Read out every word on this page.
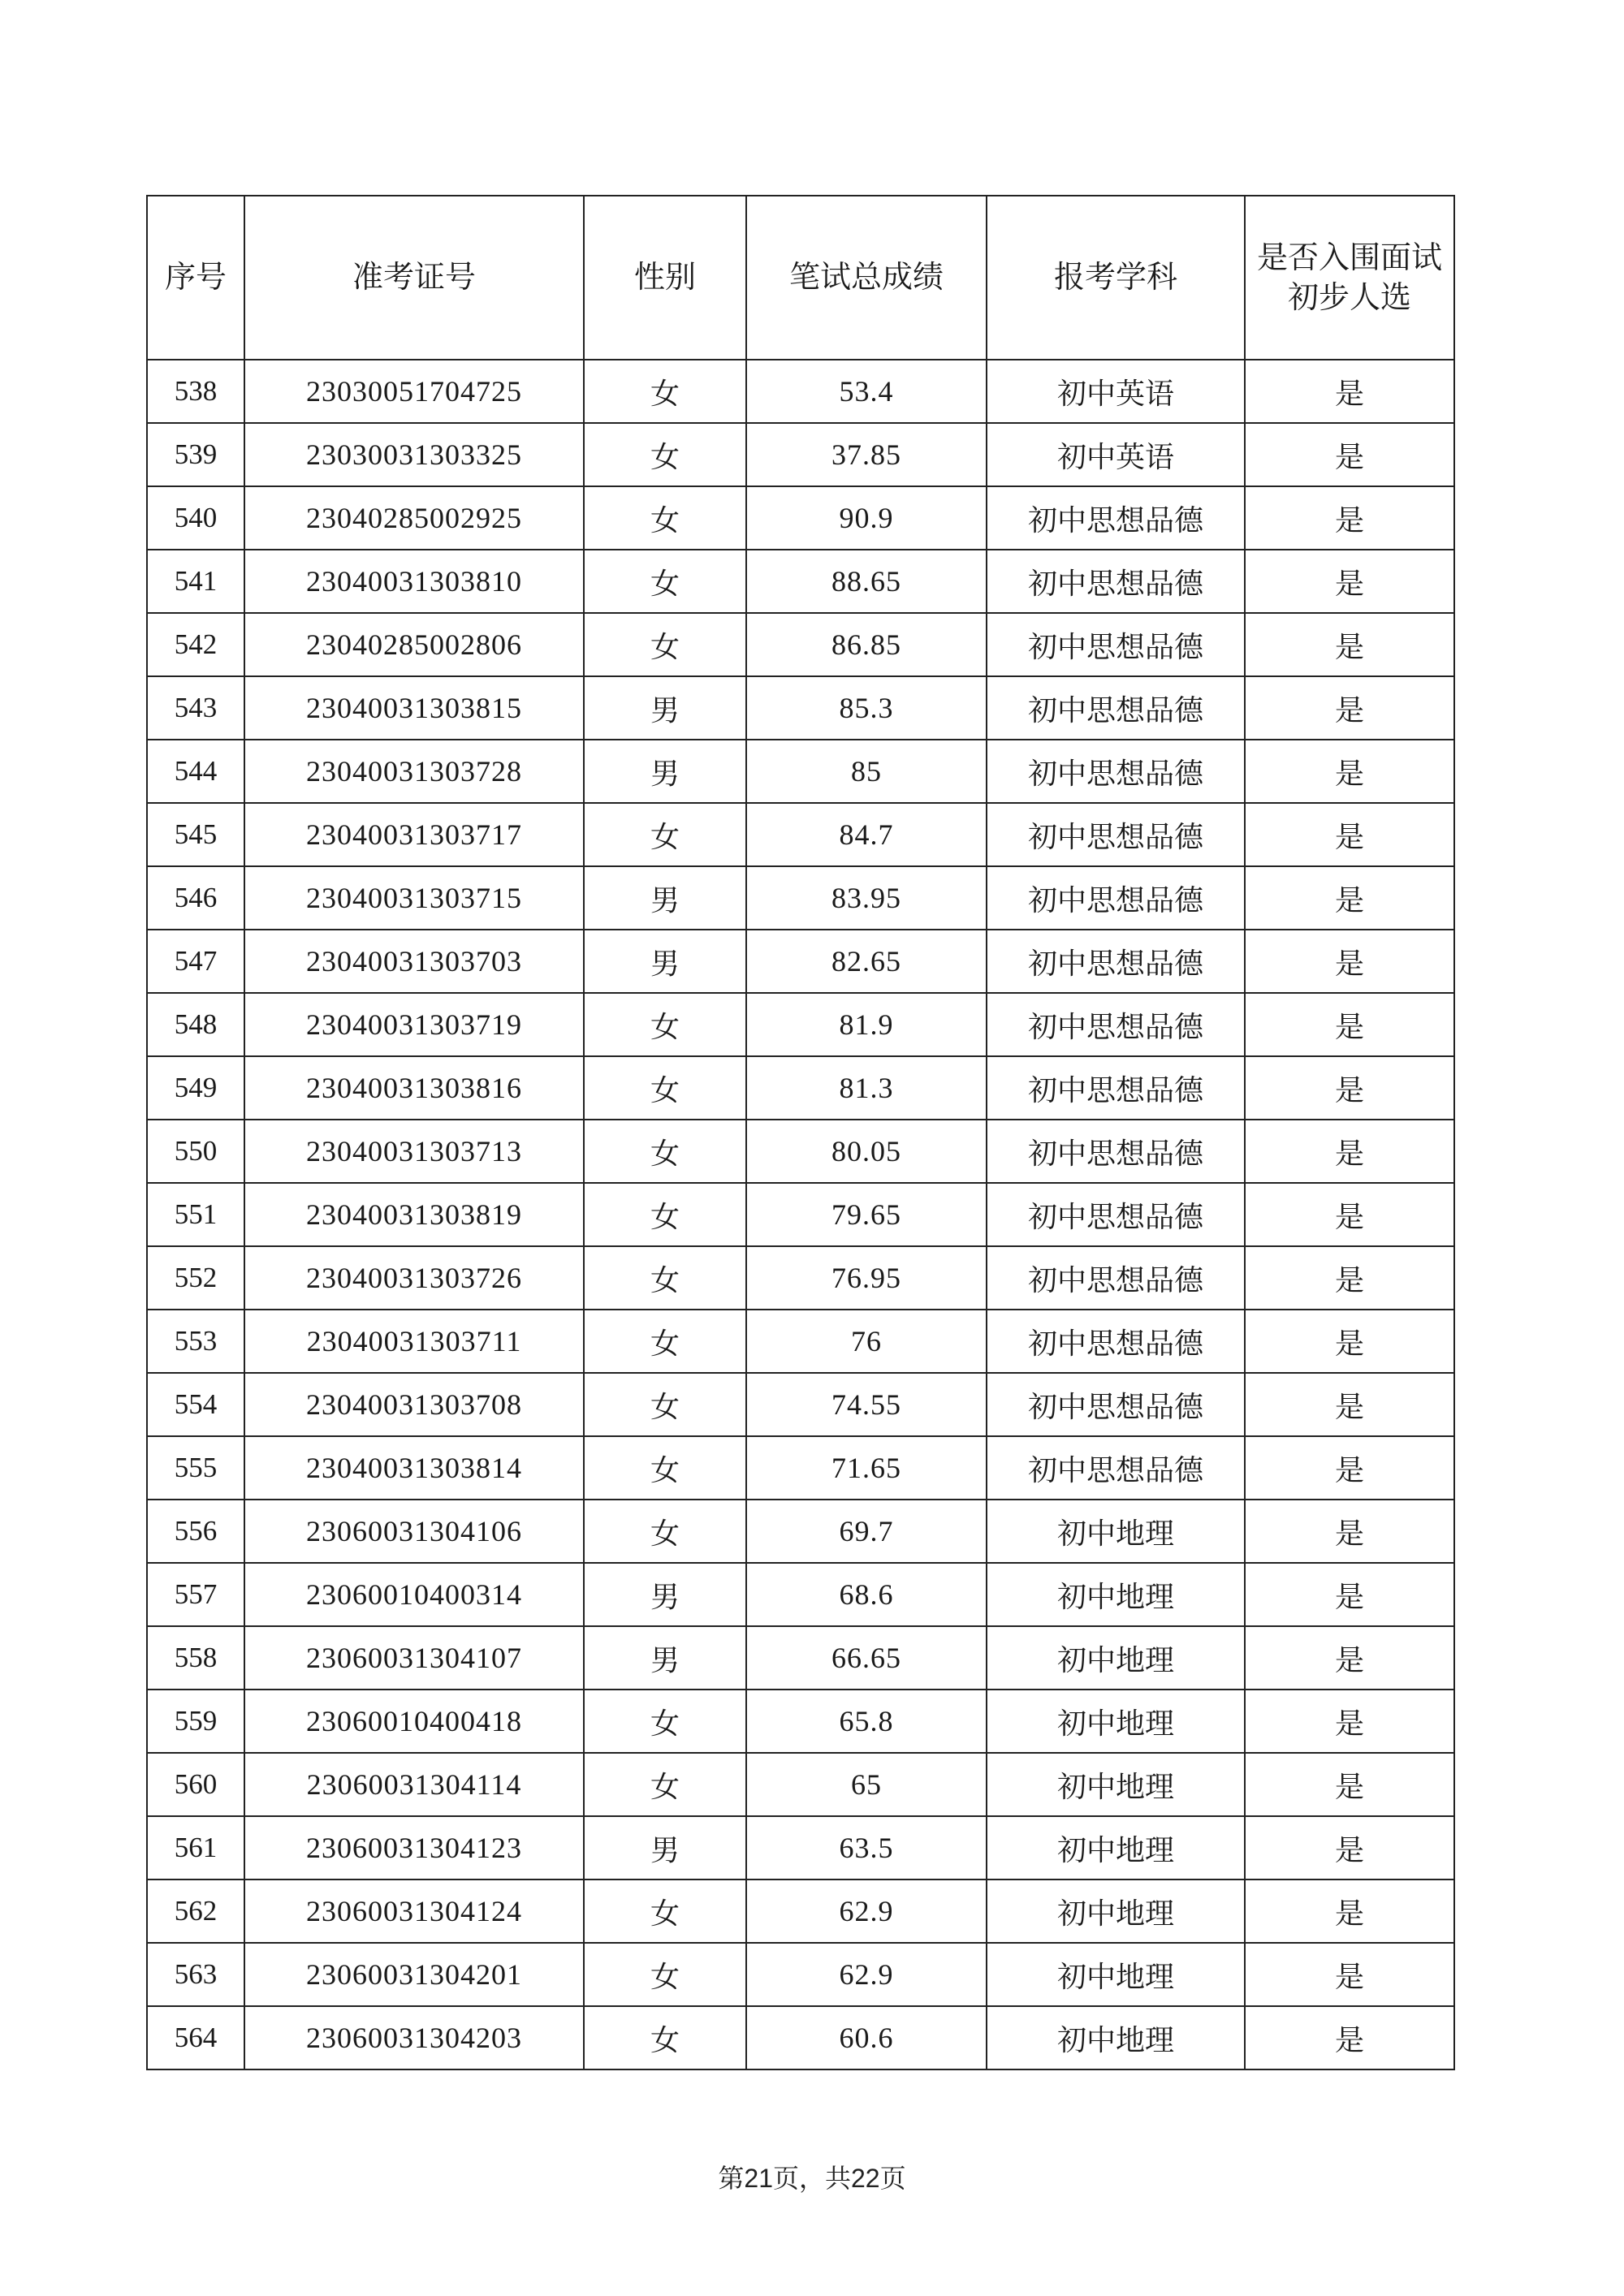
序号	准考证号	性别	笔试总成绩	报考学科	是否入围面试
初步人选

538	23030051704725	女	53.4	初中英语	是
539	23030031303325	女	37.85	初中英语	是
540	23040285002925	女	90.9	初中思想品德	是
541	23040031303810	女	88.65	初中思想品德	是
542	23040285002806	女	86.85	初中思想品德	是
543	23040031303815	男	85.3	初中思想品德	是
544	23040031303728	男	85	初中思想品德	是
545	23040031303717	女	84.7	初中思想品德	是
546	23040031303715	男	83.95	初中思想品德	是
547	23040031303703	男	82.65	初中思想品德	是
548	23040031303719	女	81.9	初中思想品德	是
549	23040031303816	女	81.3	初中思想品德	是
550	23040031303713	女	80.05	初中思想品德	是
551	23040031303819	女	79.65	初中思想品德	是
552	23040031303726	女	76.95	初中思想品德	是
553	23040031303711	女	76	初中思想品德	是
554	23040031303708	女	74.55	初中思想品德	是
555	23040031303814	女	71.65	初中思想品德	是
556	23060031304106	女	69.7	初中地理	是
557	23060010400314	男	68.6	初中地理	是
558	23060031304107	男	66.65	初中地理	是
559	23060010400418	女	65.8	初中地理	是
560	23060031304114	女	65	初中地理	是
561	23060031304123	男	63.5	初中地理	是
562	23060031304124	女	62.9	初中地理	是
563	23060031304201	女	62.9	初中地理	是
564	23060031304203	女	60.6	初中地理	是
第21页，共22页
